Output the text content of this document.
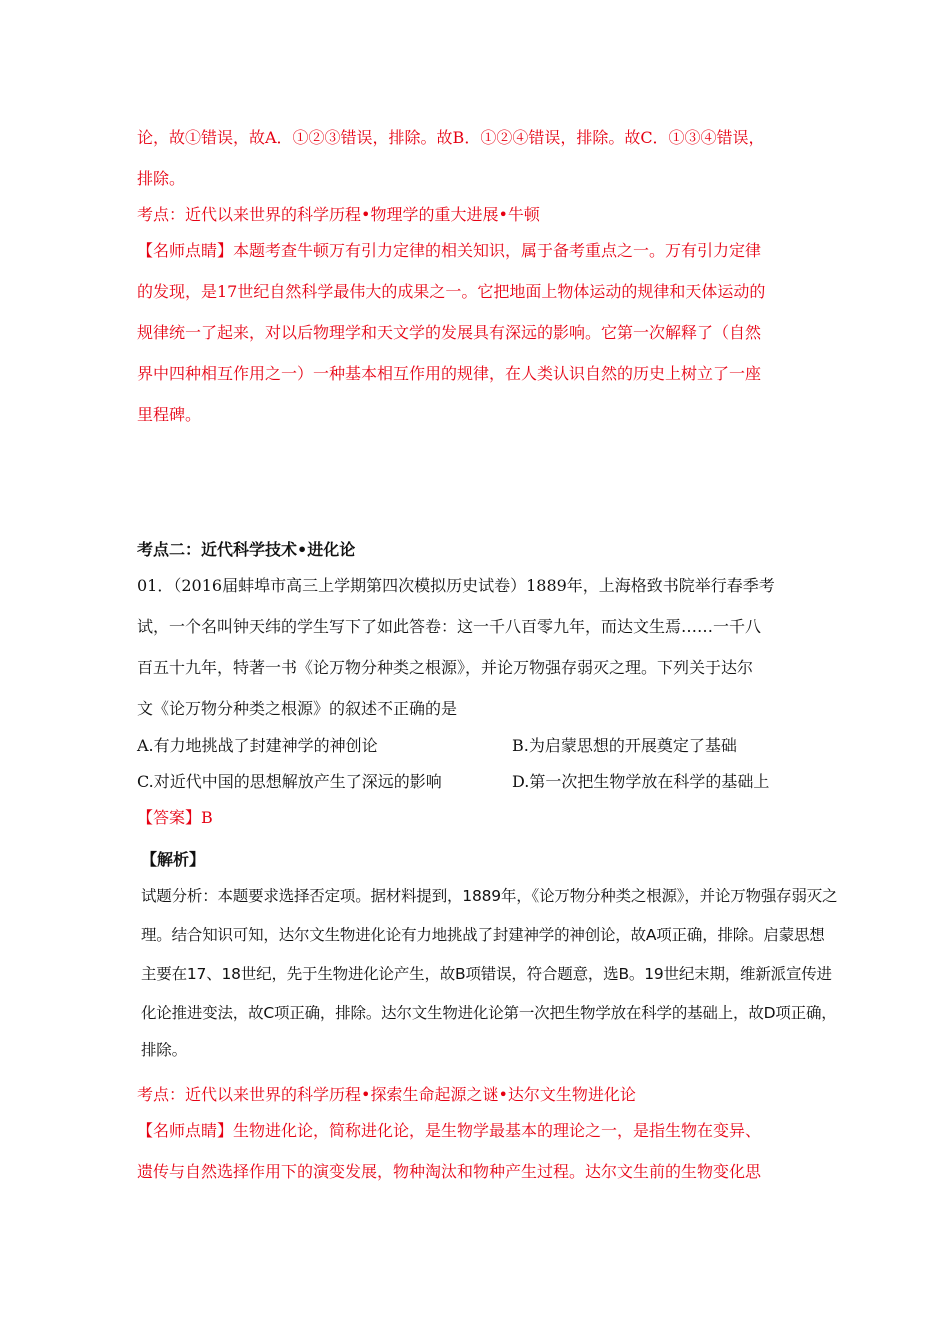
论，故①错误，故A．①②③错误，排除。故B．①②④错误，排除。故C．①③④错误，
排除。
考点：近代以来世界的科学历程•物理学的重大进展•牛顿
【名师点睛】本题考查牛顿万有引力定律的相关知识，属于备考重点之一。万有引力定律
的发现，是17世纪自然科学最伟大的成果之一。它把地面上物体运动的规律和天体运动的
规律统一了起来，对以后物理学和天文学的发展具有深远的影响。它第一次解释了（自然
界中四种相互作用之一）一种基本相互作用的规律，在人类认识自然的历史上树立了一座
里程碑。
考点二：近代科学技术•进化论
01．（2016届蚌埠市高三上学期第四次模拟历史试卷）1889年，上海格致书院举行春季考
试，一个名叫钟天纬的学生写下了如此答卷：这一千八百零九年，而达文生焉……一千八
百五十九年，特著一书《论万物分种类之根源》，并论万物强存弱灭之理。下列关于达尔
文《论万物分种类之根源》的叙述不正确的是
A.有力地挑战了封建神学的神创论	B.为启蒙思想的开展奠定了基础
C.对近代中国的思想解放产生了深远的影响	D.第一次把生物学放在科学的基础上
【答案】B
【解析】
试题分析：本题要求选择否定项。据材料提到，1889年，《论万物分种类之根源》，并论万物强存弱灭之
理。结合知识可知，达尔文生物进化论有力地挑战了封建神学的神创论，故A项正确，排除。启蒙思想
主要在17、18世纪，先于生物进化论产生，故B项错误，符合题意，选B。19世纪末期，维新派宣传进
化论推进变法，故C项正确，排除。达尔文生物进化论第一次把生物学放在科学的基础上，故D项正确，
排除。
考点：近代以来世界的科学历程•探索生命起源之谜•达尔文生物进化论
【名师点睛】生物进化论，简称进化论，是生物学最基本的理论之一，是指生物在变异、
遗传与自然选择作用下的演变发展，物种淘汰和物种产生过程。达尔文生前的生物变化思
